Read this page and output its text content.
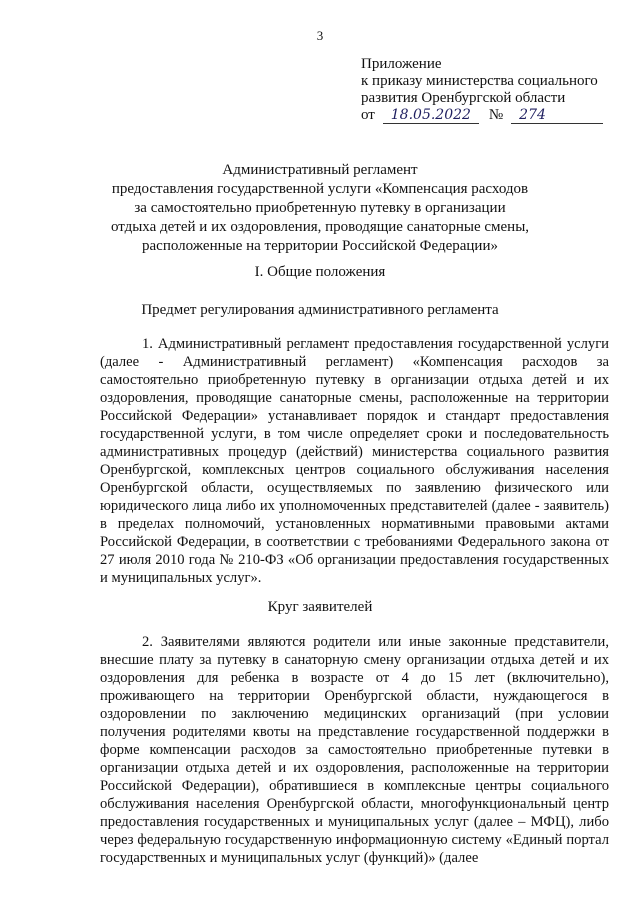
3
Приложение
к приказу министерства социального
развития Оренбургской области
от	18.05.2022	№	274
Административный регламент
предоставления государственной услуги «Компенсация расходов
за самостоятельно приобретенную путевку в организации
отдыха детей и их оздоровления, проводящие санаторные смены,
расположенные на территории Российской Федерации»
I. Общие положения
Предмет регулирования административного регламента

1. Административный регламент предоставления государственной услуги (далее - Административный регламент) «Компенсация расходов за самостоятельно приобретенную путевку в организации отдыха детей и их оздоровления, проводящие санаторные смены, расположенные на территории Российской Федерации» устанавливает порядок и стандарт предоставления государственной услуги, в том числе определяет сроки и последовательность административных процедур (действий) министерства социального развития Оренбургской, комплексных центров социального обслуживания населения Оренбургской области, осуществляемых по заявлению физического или юридического лица либо их уполномоченных представителей (далее - заявитель) в пределах полномочий, установленных нормативными правовыми актами Российской Федерации, в соответствии с требованиями Федерального закона от 27 июля 2010 года № 210-ФЗ «Об организации предоставления государственных и муниципальных услуг».

Круг заявителей

2. Заявителями являются родители или иные законные представители, внесшие плату за путевку в санаторную смену организации отдыха детей и их оздоровления для ребенка в возрасте от 4 до 15 лет (включительно), проживающего на территории Оренбургской области, нуждающегося в оздоровлении по заключению медицинских организаций (при условии получения родителями квоты на представление государственной поддержки в форме компенсации расходов за самостоятельно приобретенные путевки в организации отдыха детей и их оздоровления, расположенные на территории Российской Федерации), обратившиеся в комплексные центры социального обслуживания населения Оренбургской области, многофункциональный центр предоставления государственных и муниципальных услуг (далее – МФЦ), либо через федеральную государственную информационную систему «Единый портал государственных и муниципальных услуг (функций)» (далее
